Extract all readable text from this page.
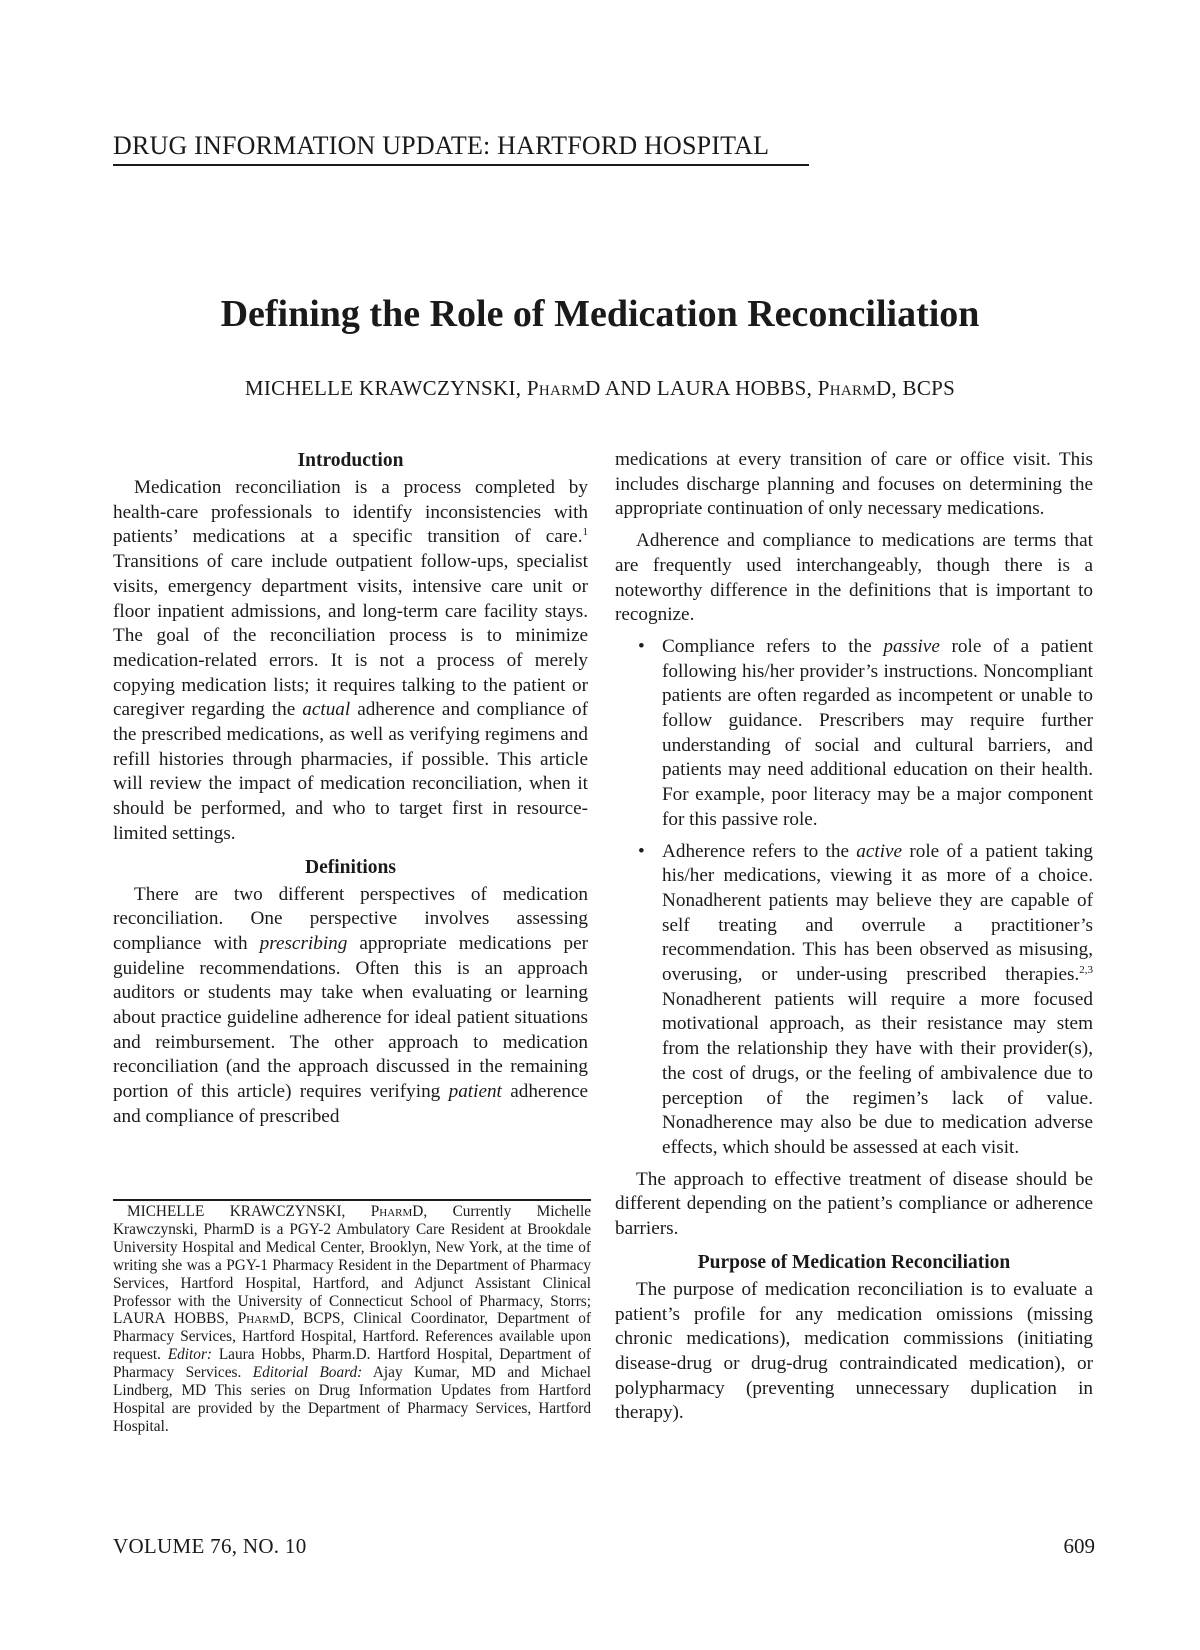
DRUG INFORMATION UPDATE: HARTFORD HOSPITAL
Defining the Role of Medication Reconciliation
MICHELLE KRAWCZYNSKI, PharmD AND LAURA HOBBS, PharmD, BCPS
Introduction

Medication reconciliation is a process completed by health-care professionals to identify inconsistencies with patients’ medications at a specific transition of care.$^1$ Transitions of care include outpatient follow-ups, specialist visits, emergency department visits, intensive care unit or floor inpatient admissions, and long-term care facility stays. The goal of the reconciliation process is to minimize medication-related errors. It is not a process of merely copying medication lists; it requires talking to the patient or caregiver regarding the actual adherence and compliance of the prescribed medications, as well as verifying regimens and refill histories through pharmacies, if possible. This article will review the impact of medication reconciliation, when it should be performed, and who to target first in resource-limited settings.

Definitions

There are two different perspectives of medication reconciliation. One perspective involves assessing compliance with prescribing appropriate medications per guideline recommendations. Often this is an approach auditors or students may take when evaluating or learning about practice guideline adherence for ideal patient situations and reimbursement. The other approach to medication reconciliation (and the approach discussed in the remaining portion of this article) requires verifying patient adherence and compliance of prescribed

medications at every transition of care or office visit. This includes discharge planning and focuses on determining the appropriate continuation of only necessary medications.

Adherence and compliance to medications are terms that are frequently used interchangeably, though there is a noteworthy difference in the definitions that is important to recognize.

• Compliance refers to the passive role of a patient following his/her provider’s instructions. Noncompliant patients are often regarded as incompetent or unable to follow guidance. Prescribers may require further understanding of social and cultural barriers, and patients may need additional education on their health. For example, poor literacy may be a major component for this passive role.
• Adherence refers to the active role of a patient taking his/her medications, viewing it as more of a choice. Nonadherent patients may believe they are capable of self treating and overrule a practitioner’s recommendation. This has been observed as misusing, overusing, or under-using prescribed therapies.$^{2,3}$ Nonadherent patients will require a more focused motivational approach, as their resistance may stem from the relationship they have with their provider(s), the cost of drugs, or the feeling of ambivalence due to perception of the regimen’s lack of value. Nonadherence may also be due to medication adverse effects, which should be assessed at each visit.

The approach to effective treatment of disease should be different depending on the patient’s compliance or adherence barriers.

Purpose of Medication Reconciliation

The purpose of medication reconciliation is to evaluate a patient’s profile for any medication omissions (missing chronic medications), medication commissions (initiating disease-drug or drug-drug contraindicated medication), or polypharmacy (preventing unnecessary duplication in therapy).

MICHELLE KRAWCZYNSKI, PharmD, Currently Michelle Krawczynski, PharmD is a PGY-2 Ambulatory Care Resident at Brookdale University Hospital and Medical Center, Brooklyn, New York, at the time of writing she was a PGY-1 Pharmacy Resident in the Department of Pharmacy Services, Hartford Hospital, Hartford, and Adjunct Assistant Clinical Professor with the University of Connecticut School of Pharmacy, Storrs; LAURA HOBBS, PharmD, BCPS, Clinical Coordinator, Department of Pharmacy Services, Hartford Hospital, Hartford. References available upon request. Editor: Laura Hobbs, Pharm.D. Hartford Hospital, Department of Pharmacy Services. Editorial Board: Ajay Kumar, MD and Michael Lindberg, MD This series on Drug Information Updates from Hartford Hospital are provided by the Department of Pharmacy Services, Hartford Hospital.
VOLUME 76, NO. 10	609
